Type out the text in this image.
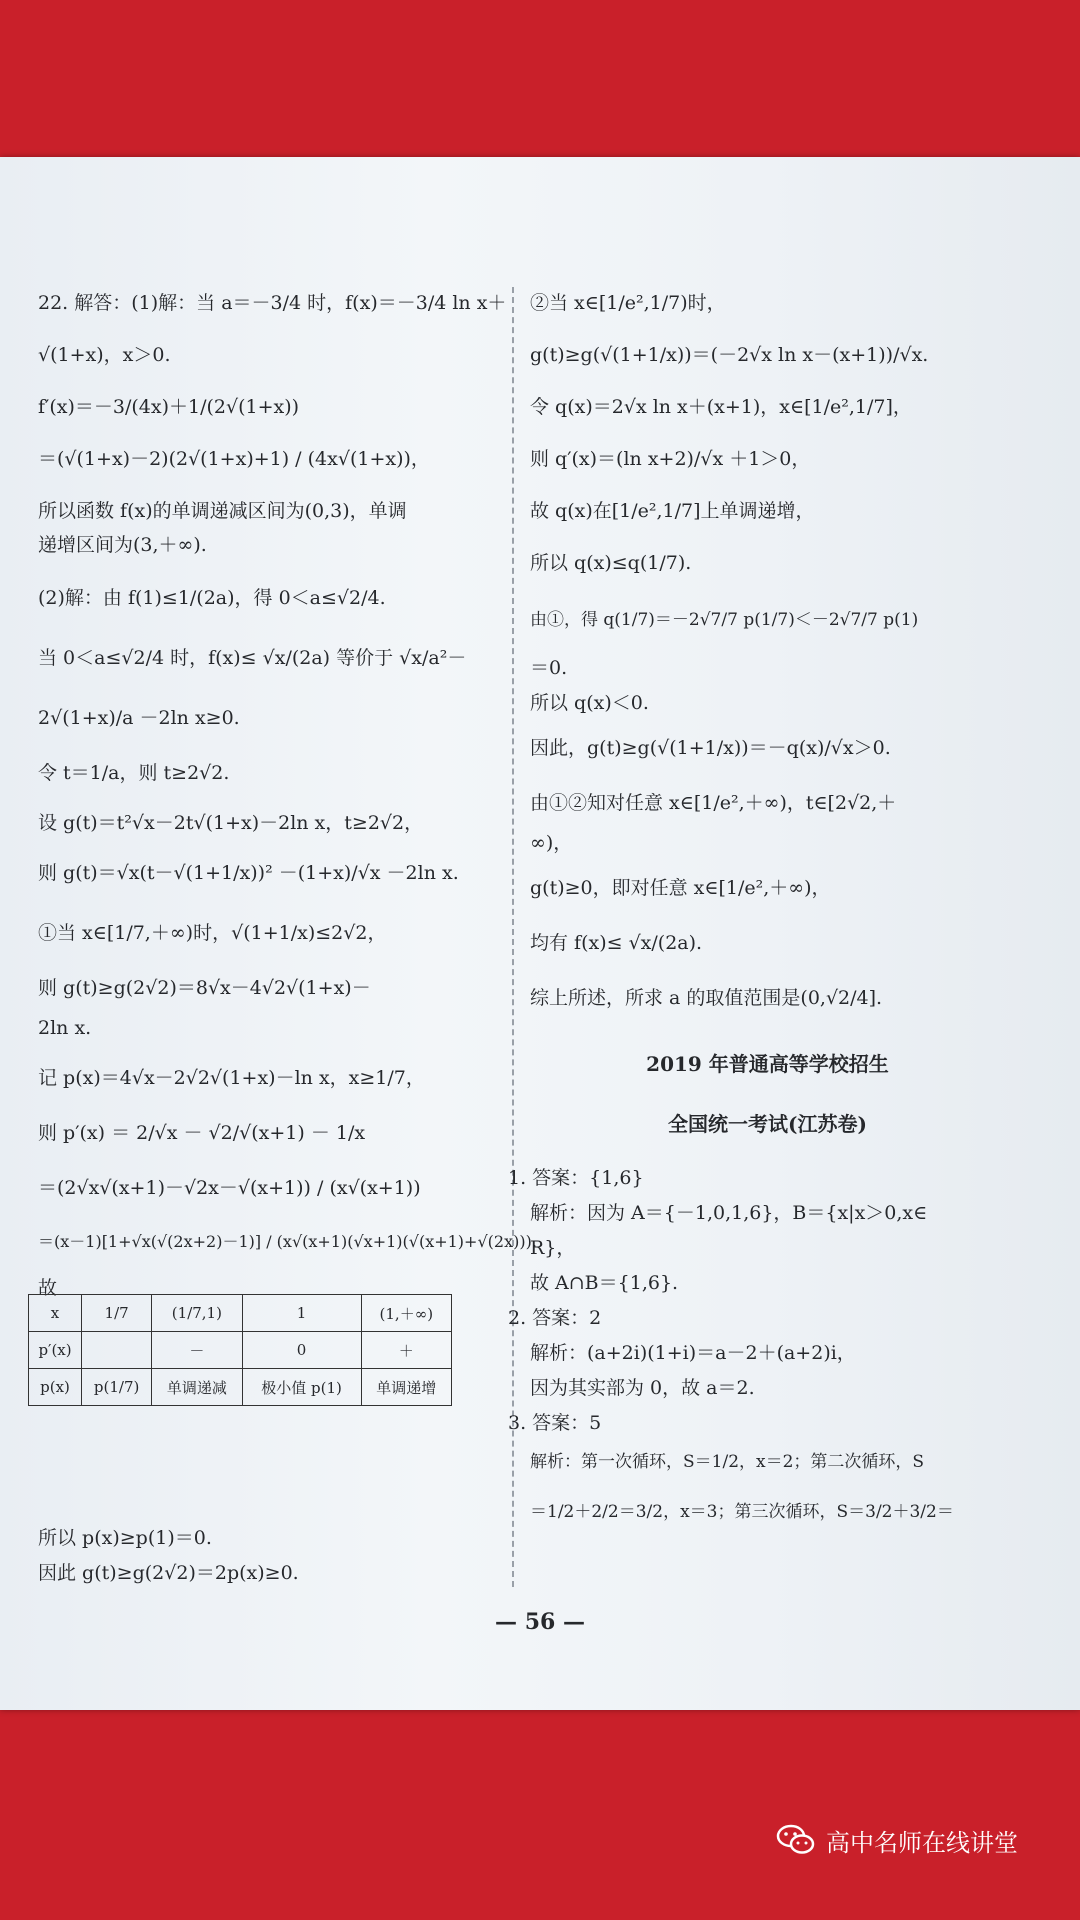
22. 解答：(1)解：当 a＝－3/4 时，f(x)＝－3/4 ln x＋
√(1+x)，x＞0.
f′(x)＝－3/(4x)＋1/(2√(1+x))
＝(√(1+x)－2)(2√(1+x)+1) / (4x√(1+x))，
所以函数 f(x)的单调递减区间为(0,3)，单调
递增区间为(3,＋∞).
(2)解：由 f(1)≤1/(2a)，得 0＜a≤√2/4.
当 0＜a≤√2/4 时，f(x)≤ √x/(2a) 等价于 √x/a²－
2√(1+x)/a －2ln x≥0.
令 t＝1/a，则 t≥2√2.
设 g(t)＝t²√x－2t√(1+x)－2ln x，t≥2√2，
则 g(t)＝√x(t－√(1+1/x))² －(1+x)/√x －2ln x.
①当 x∈[1/7,＋∞)时，√(1+1/x)≤2√2，
则 g(t)≥g(2√2)＝8√x－4√2√(1+x)－
2ln x.
记 p(x)＝4√x－2√2√(1+x)－ln x，x≥1/7，
则 p′(x) ＝ 2/√x － √2/√(x+1) － 1/x
＝(2√x√(x+1)－√2x－√(x+1)) / (x√(x+1))
＝(x－1)[1+√x(√(2x+2)－1)] / (x√(x+1)(√x+1)(√(x+1)+√(2x))).
故
所以 p(x)≥p(1)＝0.
因此 g(t)≥g(2√2)＝2p(x)≥0.
x	1/7	(1/7,1)	1	(1,＋∞)
p′(x)		－	0	＋
p(x)	p(1/7)	单调递减	极小值 p(1)	单调递增
②当 x∈[1/e²,1/7)时，
g(t)≥g(√(1+1/x))＝(－2√x ln x－(x+1))/√x.
令 q(x)＝2√x ln x＋(x+1)，x∈[1/e²,1/7]，
则 q′(x)＝(ln x+2)/√x ＋1＞0，
故 q(x)在[1/e²,1/7]上单调递增，
所以 q(x)≤q(1/7).
由①，得 q(1/7)＝－2√7/7 p(1/7)＜－2√7/7 p(1)
＝0.
所以 q(x)＜0.
因此，g(t)≥g(√(1+1/x))＝－q(x)/√x＞0.
由①②知对任意 x∈[1/e²,＋∞)，t∈[2√2,＋
∞)，
g(t)≥0，即对任意 x∈[1/e²,＋∞)，
均有 f(x)≤ √x/(2a).
综上所述，所求 a 的取值范围是(0,√2/4].
2019 年普通高等学校招生
全国统一考试(江苏卷)
1. 答案：{1,6}
解析：因为 A＝{－1,0,1,6}，B＝{x|x＞0,x∈
R}，
故 A∩B＝{1,6}.
2. 答案：2
解析：(a+2i)(1+i)＝a－2＋(a+2)i，
因为其实部为 0，故 a＝2.
3. 答案：5
解析：第一次循环，S＝1/2，x＝2；第二次循环，S
＝1/2＋2/2＝3/2，x＝3；第三次循环，S＝3/2＋3/2＝
— 56 —
高中名师在线讲堂
